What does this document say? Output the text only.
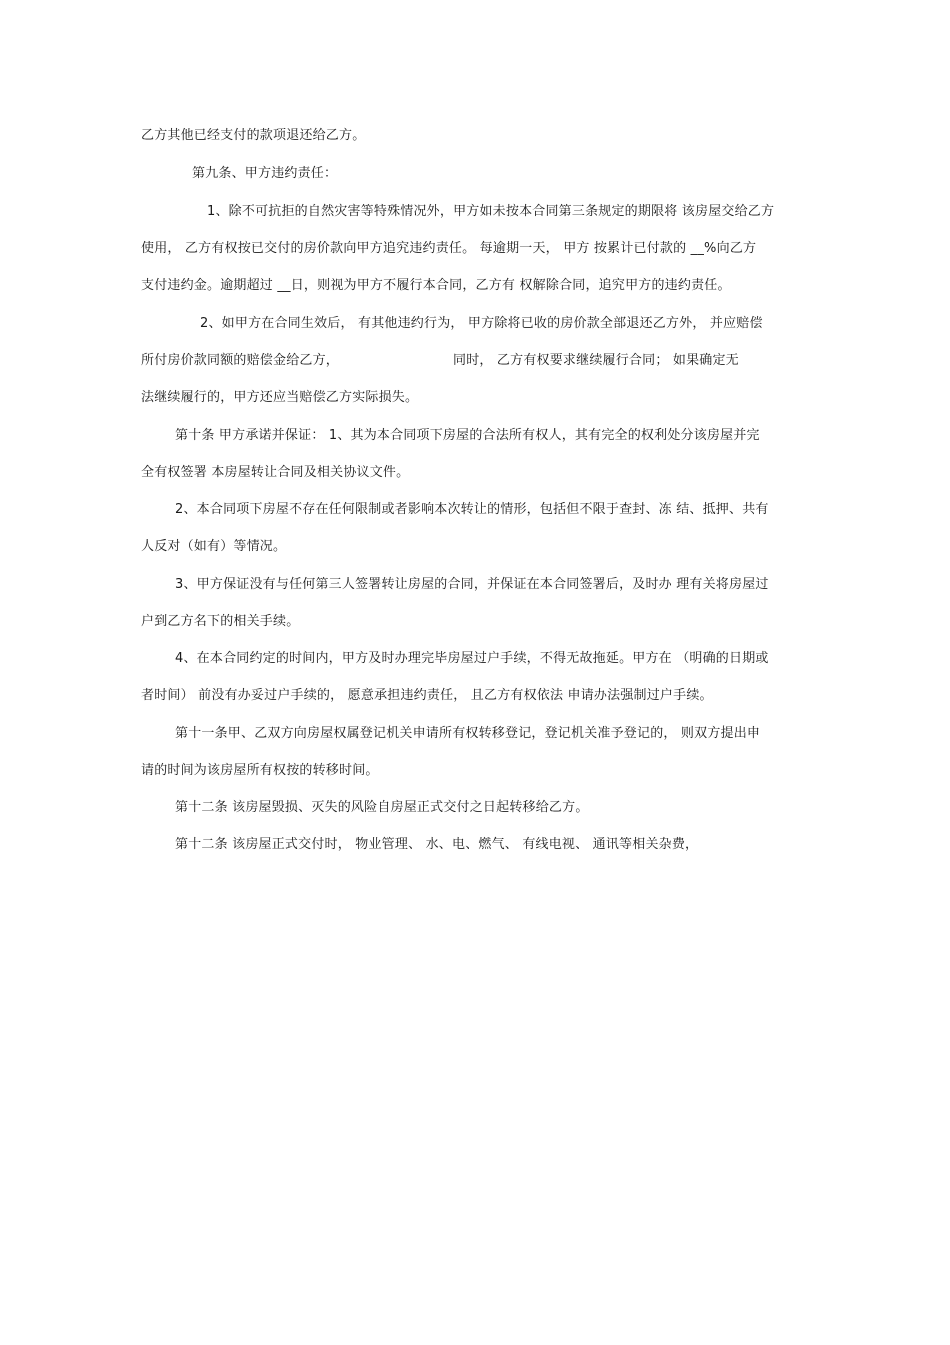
乙方其他已经支付的款项退还给乙方。
第九条、甲方违约责任：
1、除不可抗拒的自然灾害等特殊情况外，甲方如未按本合同第三条规定的期限将 该房屋交给乙方
使用， 乙方有权按已交付的房价款向甲方追究违约责任。 每逾期一天， 甲方 按累计已付款的 __%向乙方
支付违约金。逾期超过 __日，则视为甲方不履行本合同，乙方有 权解除合同，追究甲方的违约责任。
2、如甲方在合同生效后， 有其他违约行为， 甲方除将已收的房价款全部退还乙方外， 并应赔偿
所付房价款同额的赔偿金给乙方，	同时， 乙方有权要求继续履行合同； 如果确定无
法继续履行的，甲方还应当赔偿乙方实际损失。
第十条 甲方承诺并保证： 1、其为本合同项下房屋的合法所有权人，其有完全的权利处分该房屋并完
全有权签署 本房屋转让合同及相关协议文件。
2、本合同项下房屋不存在任何限制或者影响本次转让的情形，包括但不限于查封、冻 结、抵押、共有
人反对（如有）等情况。
3、甲方保证没有与任何第三人签署转让房屋的合同，并保证在本合同签署后，及时办 理有关将房屋过
户到乙方名下的相关手续。
4、在本合同约定的时间内，甲方及时办理完毕房屋过户手续，不得无故拖延。甲方在 （明确的日期或
者时间） 前没有办妥过户手续的， 愿意承担违约责任， 且乙方有权依法 申请办法强制过户手续。
第十一条甲、乙双方向房屋权属登记机关申请所有权转移登记，登记机关准予登记的， 则双方提出申
请的时间为该房屋所有权按的转移时间。
第十二条 该房屋毁损、灭失的风险自房屋正式交付之日起转移给乙方。
第十二条 该房屋正式交付时， 物业管理、 水、电、燃气、 有线电视、 通讯等相关杂费，
